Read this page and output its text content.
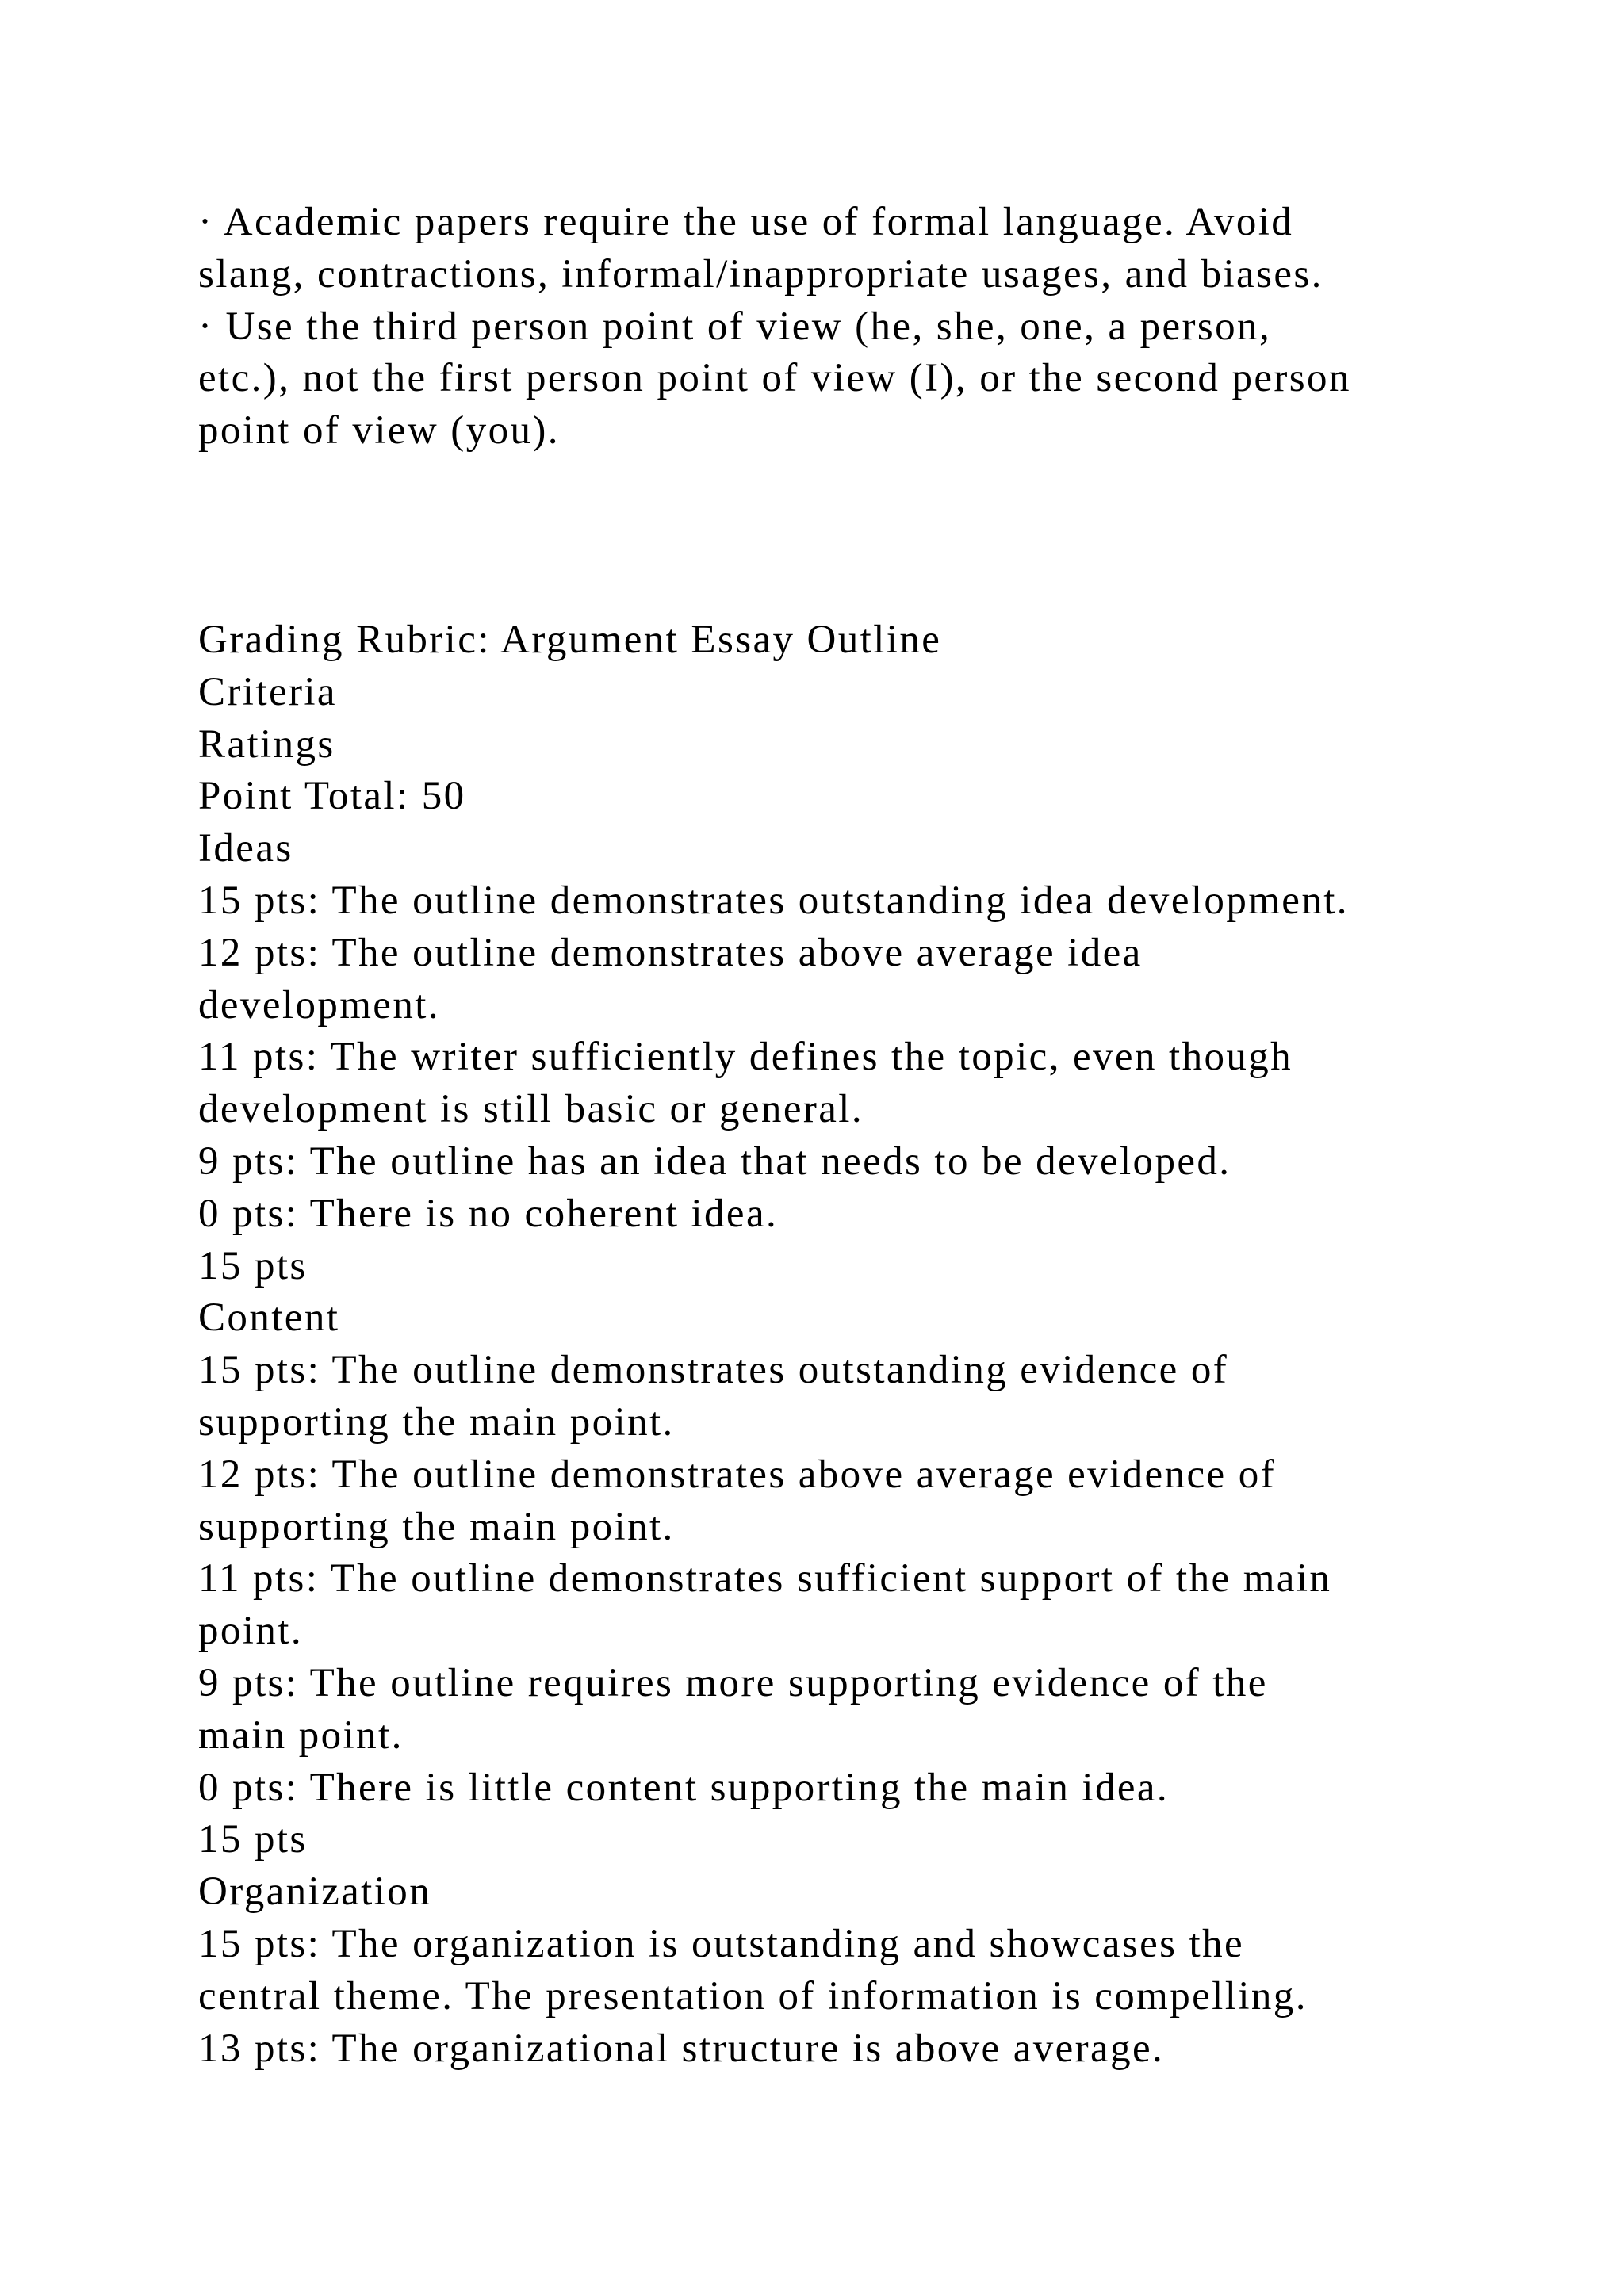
· Academic papers require the use of formal language. Avoid
slang, contractions, informal/inappropriate usages, and biases.
· Use the third person point of view (he, she, one, a person,
etc.), not the first person point of view (I), or the second person
point of view (you).
Grading Rubric: Argument Essay Outline
Criteria
Ratings
Point Total: 50
Ideas
15 pts: The outline demonstrates outstanding idea development.
12 pts: The outline demonstrates above average idea
development.
11 pts: The writer sufficiently defines the topic, even though
development is still basic or general.
9 pts: The outline has an idea that needs to be developed.
0 pts: There is no coherent idea.
15 pts
Content
15 pts: The outline demonstrates outstanding evidence of
supporting the main point.
12 pts: The outline demonstrates above average evidence of
supporting the main point.
11 pts: The outline demonstrates sufficient support of the main
point.
9 pts: The outline requires more supporting evidence of the
main point.
0 pts: There is little content supporting the main idea.
15 pts
Organization
15 pts: The organization is outstanding and showcases the
central theme. The presentation of information is compelling.
13 pts: The organizational structure is above average.
